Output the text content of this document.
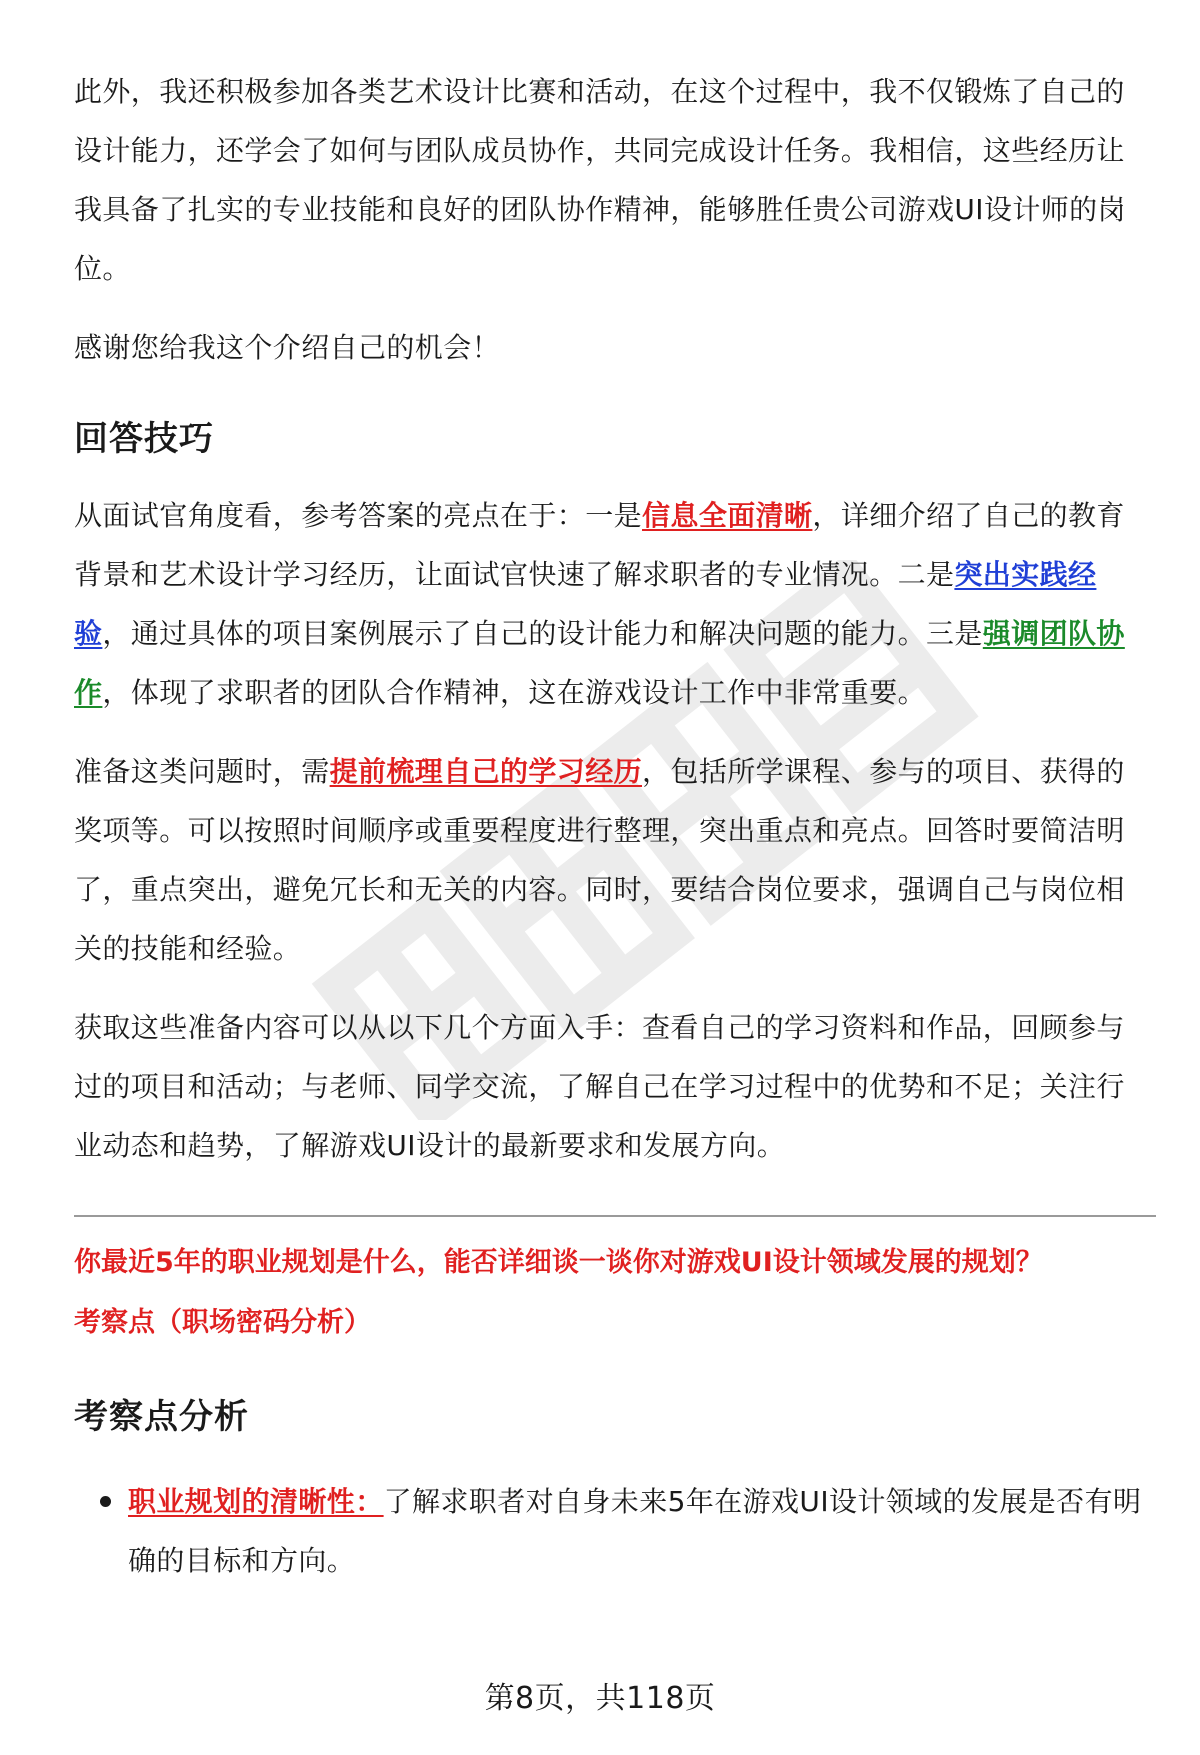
此外，我还积极参加各类艺术设计比赛和活动，在这个过程中，我不仅锻炼了自己的设计能力，还学会了如何与团队成员协作，共同完成设计任务。我相信，这些经历让我具备了扎实的专业技能和良好的团队协作精神，能够胜任贵公司游戏UI设计师的岗位。

感谢您给我这个介绍自己的机会！

回答技巧

从面试官角度看，参考答案的亮点在于：一是信息全面清晰，详细介绍了自己的教育背景和艺术设计学习经历，让面试官快速了解求职者的专业情况。二是突出实践经验，通过具体的项目案例展示了自己的设计能力和解决问题的能力。三是强调团队协作，体现了求职者的团队合作精神，这在游戏设计工作中非常重要。

准备这类问题时，需提前梳理自己的学习经历，包括所学课程、参与的项目、获得的奖项等。可以按照时间顺序或重要程度进行整理，突出重点和亮点。回答时要简洁明了，重点突出，避免冗长和无关的内容。同时，要结合岗位要求，强调自己与岗位相关的技能和经验。

获取这些准备内容可以从以下几个方面入手：查看自己的学习资料和作品，回顾参与过的项目和活动；与老师、同学交流，了解自己在学习过程中的优势和不足；关注行业动态和趋势，了解游戏UI设计的最新要求和发展方向。

你最近5年的职业规划是什么，能否详细谈一谈你对游戏UI设计领域发展的规划？

考察点（职场密码分析）

考察点分析

职业规划的清晰性：了解求职者对自身未来5年在游戏UI设计领域的发展是否有明确的目标和方向。

第8页，共118页
